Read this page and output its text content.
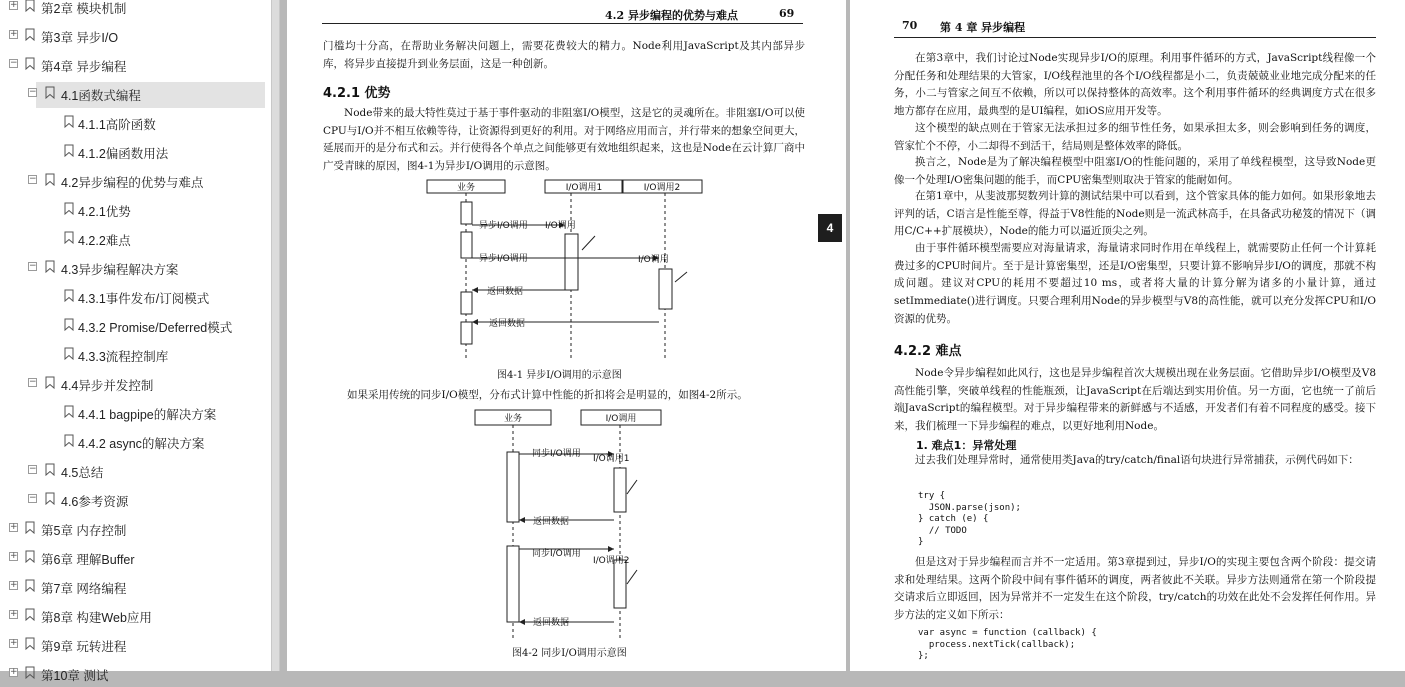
+ 第2章 模块机制
+ 第3章 异步I/O
− 第4章 异步编程
− 4.1函数式编程
4.1.1高阶函数
4.1.2偏函数用法
− 4.2异步编程的优势与难点
4.2.1优势
4.2.2难点
− 4.3异步编程解决方案
4.3.1事件发布/订阅模式
4.3.2 Promise/Deferred模式
4.3.3流程控制库
− 4.4异步并发控制
4.4.1 bagpipe的解决方案
4.4.2 async的解决方案
− 4.5总结
− 4.6参考资源
+ 第5章 内存控制
+ 第6章 理解Buffer
+ 第7章 网络编程
+ 第8章 构建Web应用
+ 第9章 玩转进程
+ 第10章 测试
4.2 异步编程的优势与难点	69
门槛均十分高，在帮助业务解决问题上，需要花费较大的精力。Node利用JavaScript及其内部异步库，将异步直接提升到业务层面，这是一种创新。
4.2.1 优势
Node带来的最大特性莫过于基于事件驱动的非阻塞I/O模型，这是它的灵魂所在。非阻塞I/O可以使CPU与I/O并不相互依赖等待，让资源得到更好的利用。对于网络应用而言，并行带来的想象空间更大，延展而开的是分布式和云。并行使得各个单点之间能够更有效地组织起来，这也是Node在云计算厂商中广受青睐的原因，图4-1为异步I/O调用的示意图。
业务	I/O调用1	I/O调用2
异步I/O调用 I/O调用
异步I/O调用	I/O调用
返回数据
返回数据
图4-1 异步I/O调用的示意图
如果采用传统的同步I/O模型，分布式计算中性能的折扣将会是明显的，如图4-2所示。
业务	I/O调用
同步I/O调用 I/O调用1
返回数据
同步I/O调用
I/O调用2
返回数据
图4-2 同步I/O调用示意图
4
70 第 4 章 异步编程
在第3章中，我们讨论过Node实现异步I/O的原理。利用事件循环的方式，JavaScript线程像一个分配任务和处理结果的大管家，I/O线程池里的各个I/O线程都是小二，负责兢兢业业地完成分配来的任务，小二与管家之间互不依赖，所以可以保持整体的高效率。这个利用事件循环的经典调度方式在很多地方都存在应用，最典型的是UI编程，如iOS应用开发等。
这个模型的缺点则在于管家无法承担过多的细节性任务，如果承担太多，则会影响到任务的调度，管家忙个不停，小二却得不到活干，结局则是整体效率的降低。
换言之，Node是为了解决编程模型中阻塞I/O的性能问题的，采用了单线程模型，这导致Node更像一个处理I/O密集问题的能手，而CPU密集型则取决于管家的能耐如何。
在第1章中，从斐波那契数列计算的测试结果中可以看到，这个管家具体的能力如何。如果形象地去评判的话，C语言是性能至尊，得益于V8性能的Node则是一流武林高手，在具备武功秘笈的情况下（调用C/C++扩展模块），Node的能力可以逼近顶尖之列。
由于事件循环模型需要应对海量请求，海量请求同时作用在单线程上，就需要防止任何一个计算耗费过多的CPU时间片。至于是计算密集型，还是I/O密集型，只要计算不影响异步I/O的调度，那就不构成问题。建议对CPU的耗用不要超过10 ms，或者将大量的计算分解为诸多的小量计算，通过setImmediate()进行调度。只要合理利用Node的异步模型与V8的高性能，就可以充分发挥CPU和I/O资源的优势。
4.2.2 难点
Node令异步编程如此风行，这也是异步编程首次大规模出现在业务层面。它借助异步I/O模型及V8高性能引擎，突破单线程的性能瓶颈，让JavaScript在后端达到实用价值。另一方面，它也统一了前后端JavaScript的编程模型。对于异步编程带来的新鲜感与不适感，开发者们有着不同程度的感受。接下来，我们梳理一下异步编程的难点，以更好地利用Node。
1. 难点1：异常处理
过去我们处理异常时，通常使用类Java的try/catch/final语句块进行异常捕获，示例代码如下：
try {
JSON.parse(json);
} catch (e) {
// TODO
}
但是这对于异步编程而言并不一定适用。第3章提到过，异步I/O的实现主要包含两个阶段：提交请求和处理结果。这两个阶段中间有事件循环的调度，两者彼此不关联。异步方法则通常在第一个阶段提交请求后立即返回，因为异常并不一定发生在这个阶段，try/catch的功效在此处不会发挥任何作用。异步方法的定义如下所示：
var async = function (callback) {
process.nextTick(callback);
};
